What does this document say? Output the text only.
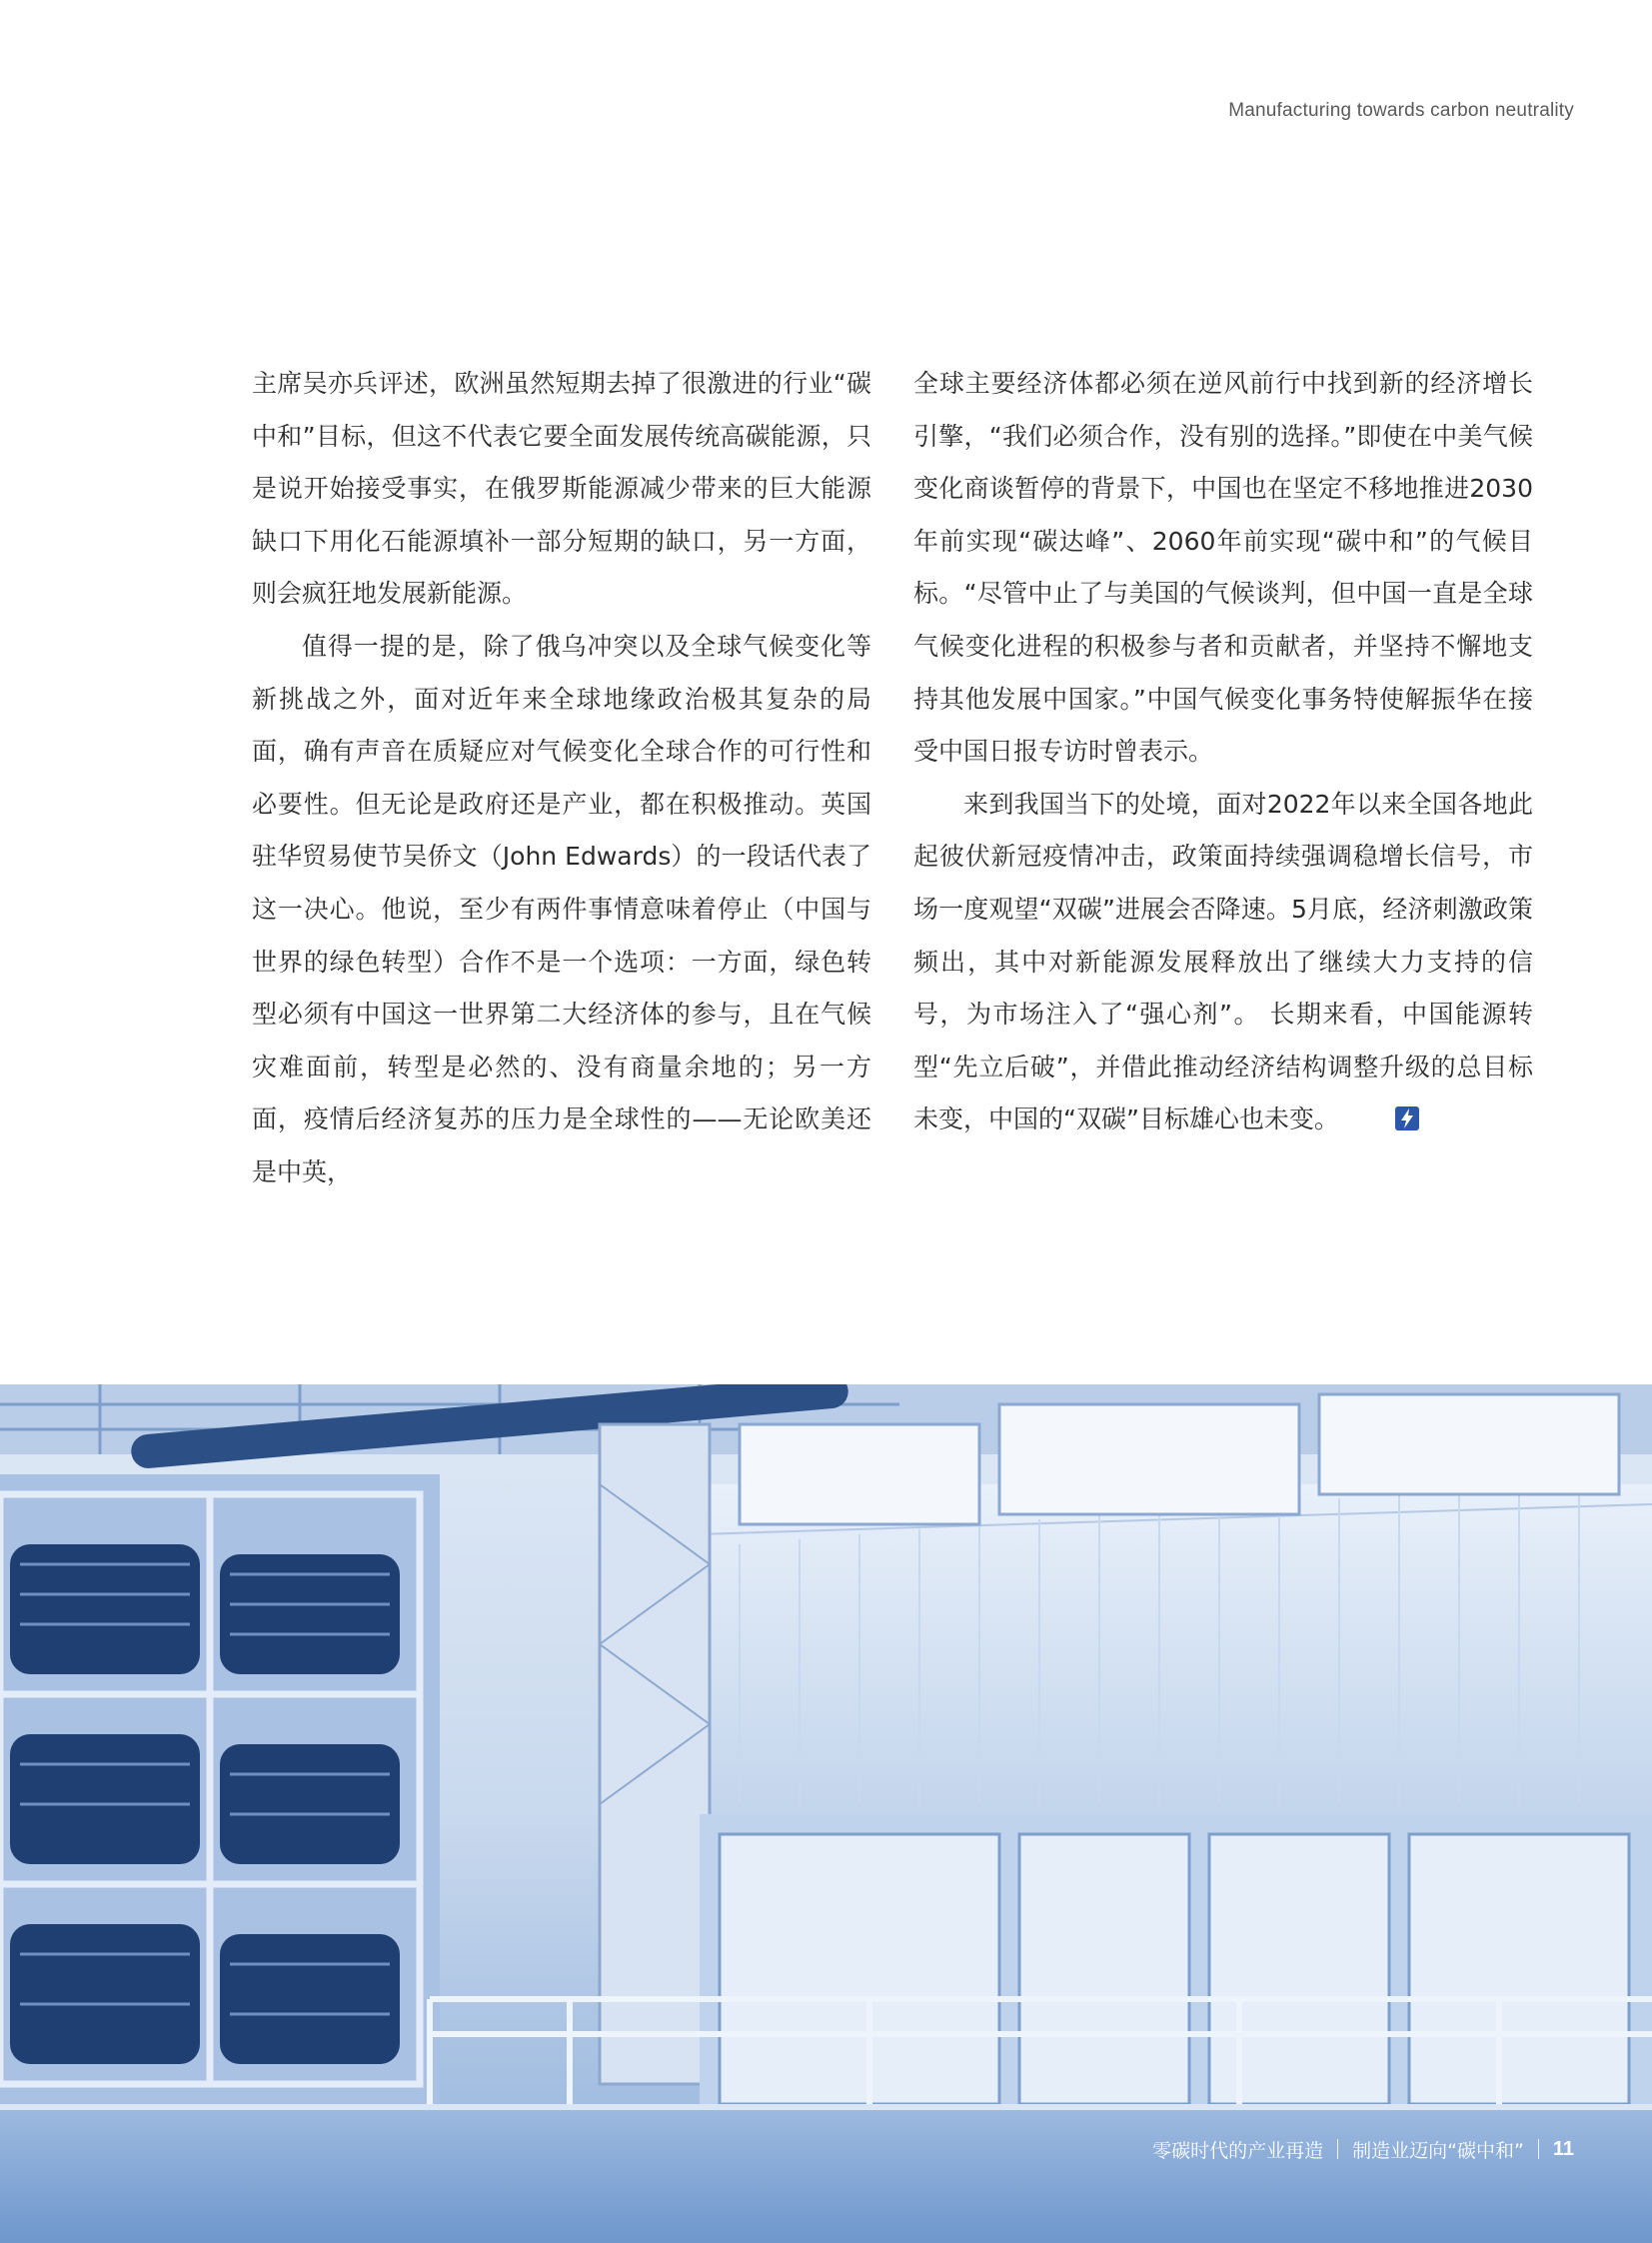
Manufacturing towards carbon neutrality

主席吴亦兵评述，欧洲虽然短期去掉了很激进的行业“碳中和”目标，但这不代表它要全面发展传统高碳能源，只是说开始接受事实，在俄罗斯能源减少带来的巨大能源缺口下用化石能源填补一部分短期的缺口，另一方面，则会疯狂地发展新能源。

值得一提的是，除了俄乌冲突以及全球气候变化等新挑战之外，面对近年来全球地缘政治极其复杂的局面，确有声音在质疑应对气候变化全球合作的可行性和必要性。但无论是政府还是产业，都在积极推动。英国驻华贸易使节吴侨文（John Edwards）的一段话代表了这一决心。他说，至少有两件事情意味着停止（中国与世界的绿色转型）合作不是一个选项：一方面，绿色转型必须有中国这一世界第二大经济体的参与，且在气候灾难面前，转型是必然的、没有商量余地的；另一方面，疫情后经济复苏的压力是全球性的——无论欧美还是中英，

全球主要经济体都必须在逆风前行中找到新的经济增长引擎，“我们必须合作，没有别的选择。”即使在中美气候变化商谈暂停的背景下，中国也在坚定不移地推进2030年前实现“碳达峰”、2060年前实现“碳中和”的气候目标。“尽管中止了与美国的气候谈判，但中国一直是全球气候变化进程的积极参与者和贡献者，并坚持不懈地支持其他发展中国家。”中国气候变化事务特使解振华在接受中国日报专访时曾表示。

来到我国当下的处境，面对2022年以来全国各地此起彼伏新冠疫情冲击，政策面持续强调稳增长信号，市场一度观望“双碳”进展会否降速。5月底，经济刺激政策频出，其中对新能源发展释放出了继续大力支持的信号，为市场注入了“强心剂”。 长期来看，中国能源转型“先立后破”，并借此推动经济结构调整升级的总目标未变，中国的“双碳”目标雄心也未变。

零碳时代的产业再造 制造业迈向“碳中和” 11
